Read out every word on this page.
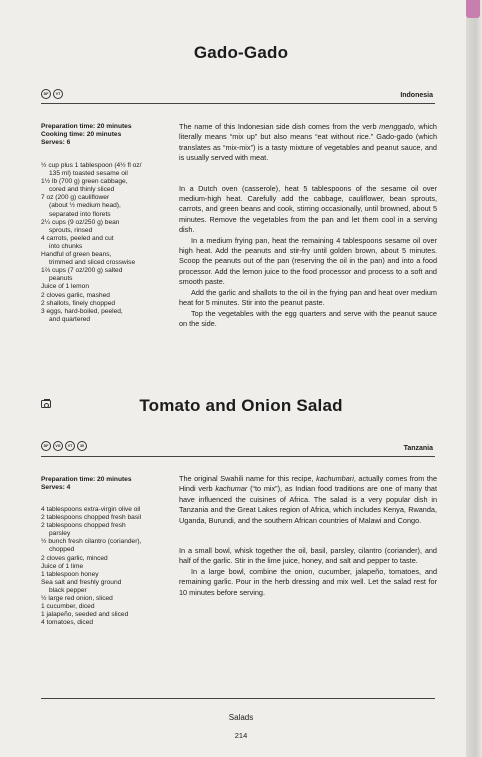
Gado-Gado
DF	VT	Indonesia
Preparation time: 20 minutes
Cooking time: 20 minutes
Serves: 6
½ cup plus 1 tablespoon (4½ fl oz/
135 ml) toasted sesame oil
1½ lb (700 g) green cabbage,
cored and thinly sliced
7 oz (200 g) cauliflower
(about ½ medium head),
separated into florets
2¼ cups (9 oz/250 g) bean
sprouts, rinsed
4 carrots, peeled and cut
into chunks
Handful of green beans,
trimmed and sliced crosswise
1⅔ cups (7 oz/200 g) salted
peanuts
Juice of 1 lemon
2 cloves garlic, mashed
2 shallots, finely chopped
3 eggs, hard-boiled, peeled,
and quartered

The name of this Indonesian side dish comes from the verb menggado, which literally means “mix up” but also means “eat without rice.” Gado-gado (which translates as “mix-mix”) is a tasty mixture of vegetables and peanut sauce, and is usually served with meat.

In a Dutch oven (casserole), heat 5 tablespoons of the sesame oil over medium-high heat. Carefully add the cabbage, cauliflower, bean sprouts, carrots, and green beans and cook, stirring occasionally, until browned, about 5 minutes. Remove the vegetables from the pan and let them cool in a serving dish.

In a medium frying pan, heat the remaining 4 tablespoons sesame oil over high heat. Add the peanuts and stir-fry until golden brown, about 5 minutes. Scoop the peanuts out of the pan (reserving the oil in the pan) and into a food processor. Add the lemon juice to the food processor and process to a soft and smooth paste.

Add the garlic and shallots to the oil in the frying pan and heat over medium heat for 5 minutes. Stir into the peanut paste.

Top the vegetables with the egg quarters and serve with the peanut sauce on the side.

Tomato and Onion Salad
DF	VG	VT	30	Tanzania
Preparation time: 20 minutes
Serves: 4
4 tablespoons extra-virgin olive oil
2 tablespoons chopped fresh basil
2 tablespoons chopped fresh
parsley
½ bunch fresh cilantro (coriander),
chopped
2 cloves garlic, minced
Juice of 1 lime
1 tablespoon honey
Sea salt and freshly ground
black pepper
½ large red onion, sliced
1 cucumber, diced
1 jalapeño, seeded and sliced
4 tomatoes, diced

The original Swahili name for this recipe, kachumbari, actually comes from the Hindi verb kachumar (“to mix”), as Indian food traditions are one of many that have influenced the cuisines of Africa. The salad is a very popular dish in Tanzania and the Great Lakes region of Africa, which includes Kenya, Rwanda, Uganda, Burundi, and the southern African countries of Malawi and Congo.

In a small bowl, whisk together the oil, basil, parsley, cilantro (coriander), and half of the garlic. Stir in the lime juice, honey, and salt and pepper to taste.

In a large bowl, combine the onion, cucumber, jalapeño, tomatoes, and remaining garlic. Pour in the herb dressing and mix well. Let the salad rest for 10 minutes before serving.

Salads
214
